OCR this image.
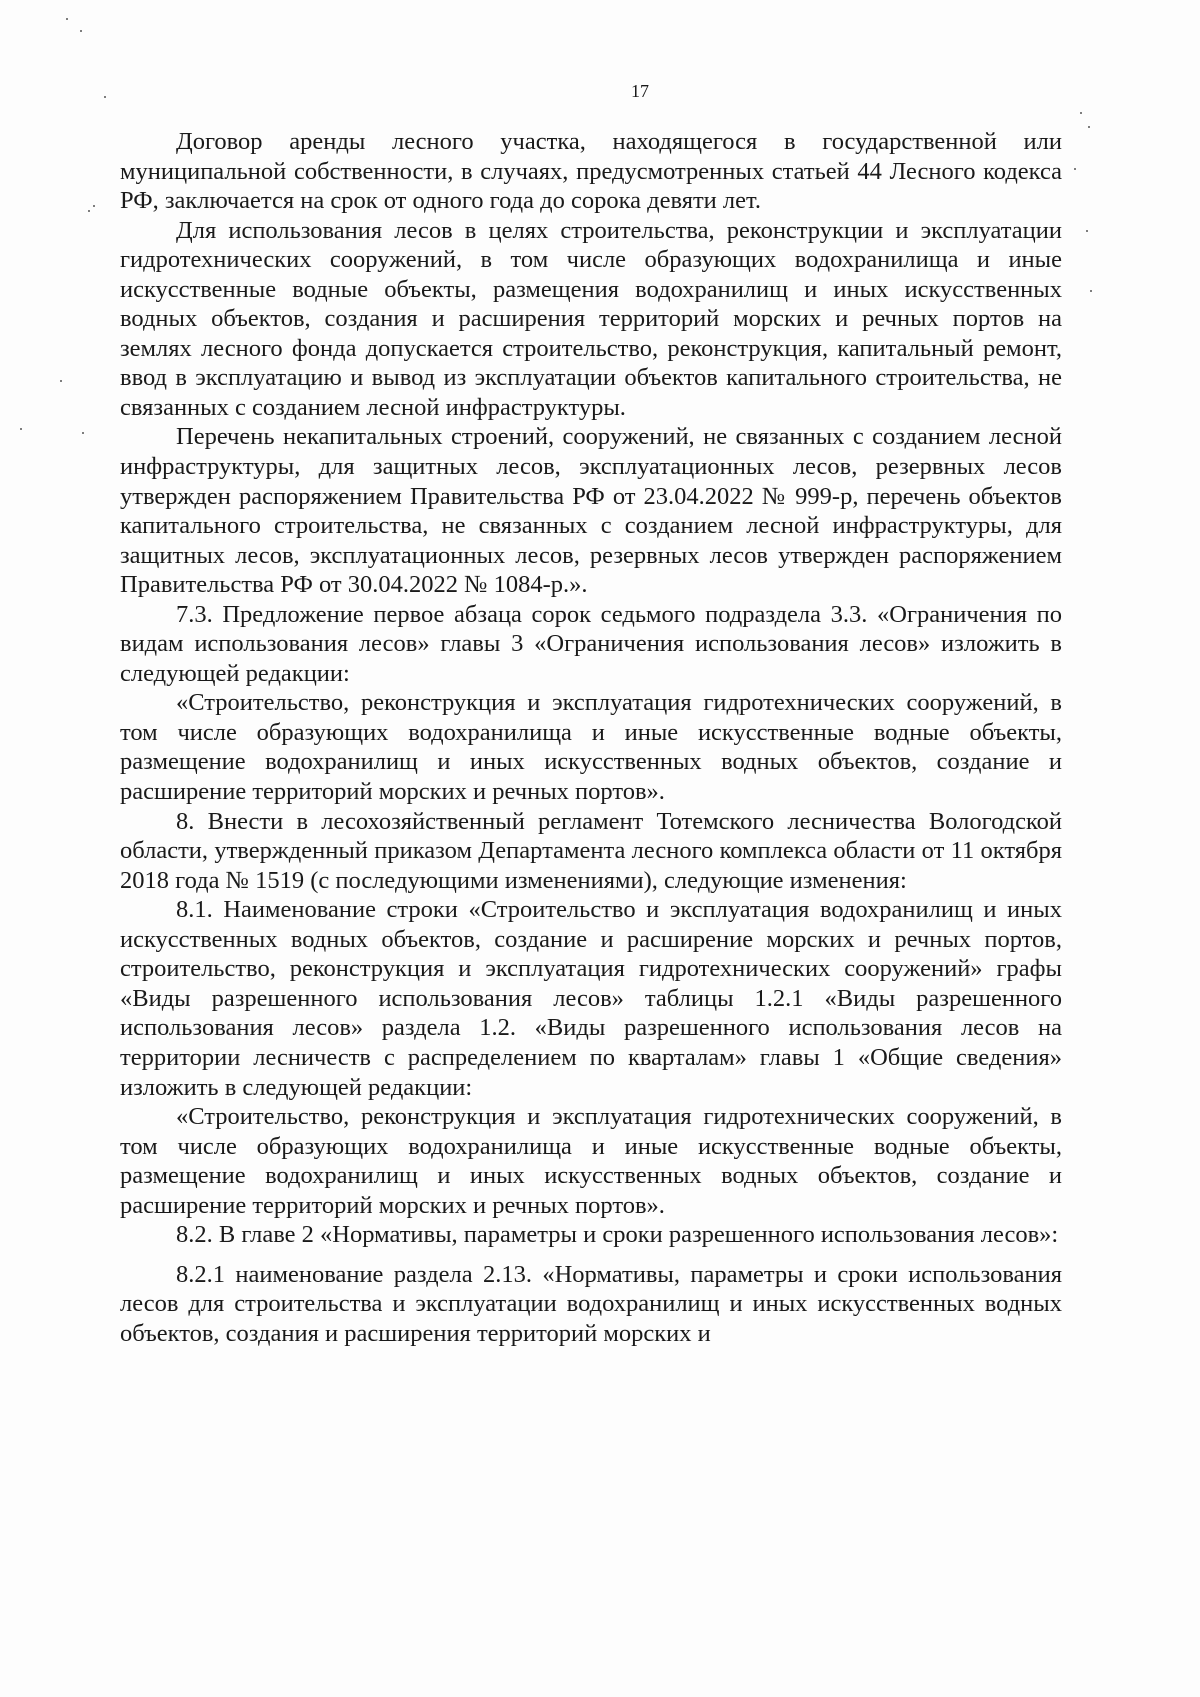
17

Договор аренды лесного участка, находящегося в государственной или муниципальной собственности, в случаях, предусмотренных статьей 44 Лесного кодекса РФ, заключается на срок от одного года до сорока девяти лет.

Для использования лесов в целях строительства, реконструкции и эксплуатации гидротехнических сооружений, в том числе образующих водохранилища и иные искусственные водные объекты, размещения водохранилищ и иных искусственных водных объектов, создания и расширения территорий морских и речных портов на землях лесного фонда допускается строительство, реконструкция, капитальный ремонт, ввод в эксплуатацию и вывод из эксплуатации объектов капитального строительства, не связанных с созданием лесной инфраструктуры.

Перечень некапитальных строений, сооружений, не связанных с созданием лесной инфраструктуры, для защитных лесов, эксплуатационных лесов, резервных лесов утвержден распоряжением Правительства РФ от 23.04.2022 № 999-р, перечень объектов капитального строительства, не связанных с созданием лесной инфраструктуры, для защитных лесов, эксплуатационных лесов, резервных лесов утвержден распоряжением Правительства РФ от 30.04.2022 № 1084-р.».

7.3. Предложение первое абзаца сорок седьмого подраздела 3.3. «Ограничения по видам использования лесов» главы 3 «Ограничения использования лесов» изложить в следующей редакции:

«Строительство, реконструкция и эксплуатация гидротехнических сооружений, в том числе образующих водохранилища и иные искусственные водные объекты, размещение водохранилищ и иных искусственных водных объектов, создание и расширение территорий морских и речных портов».

8. Внести в лесохозяйственный регламент Тотемского лесничества Вологодской области, утвержденный приказом Департамента лесного комплекса области от 11 октября 2018 года № 1519 (с последующими изменениями), следующие изменения:

8.1. Наименование строки «Строительство и эксплуатация водохранилищ и иных искусственных водных объектов, создание и расширение морских и речных портов, строительство, реконструкция и эксплуатация гидротехнических сооружений» графы «Виды разрешенного использования лесов» таблицы 1.2.1 «Виды разрешенного использования лесов» раздела 1.2. «Виды разрешенного использования лесов на территории лесничеств с распределением по кварталам» главы 1 «Общие сведения» изложить в следующей редакции:

«Строительство, реконструкция и эксплуатация гидротехнических сооружений, в том числе образующих водохранилища и иные искусственные водные объекты, размещение водохранилищ и иных искусственных водных объектов, создание и расширение территорий морских и речных портов».

8.2. В главе 2 «Нормативы, параметры и сроки разрешенного использования лесов»:

8.2.1 наименование раздела 2.13. «Нормативы, параметры и сроки использования лесов для строительства и эксплуатации водохранилищ и иных искусственных водных объектов, создания и расширения территорий морских и
